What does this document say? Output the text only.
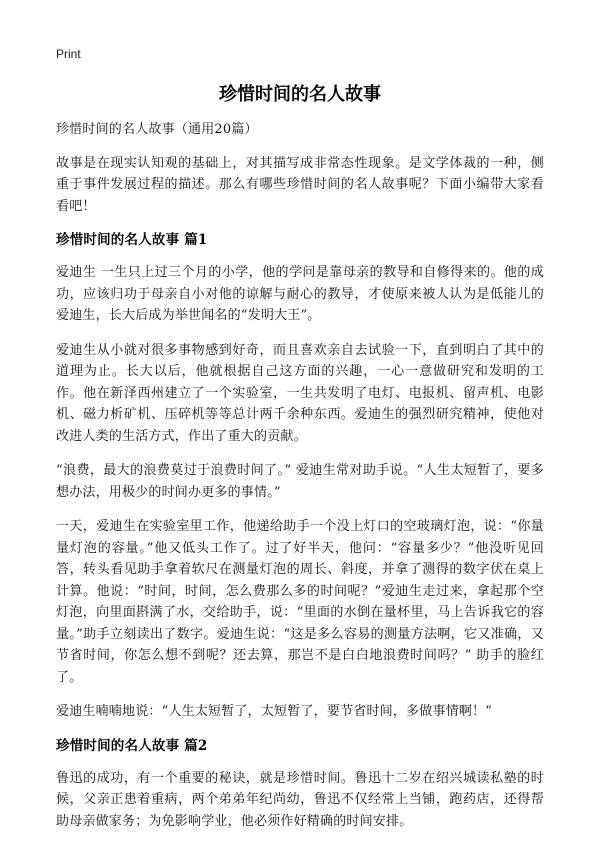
Print
珍惜时间的名人故事

珍惜时间的名人故事（通用20篇）

故事是在现实认知观的基础上，对其描写成非常态性现象。是文学体裁的一种，侧重于事件发展过程的描述。那么有哪些珍惜时间的名人故事呢？下面小编带大家看看吧！

珍惜时间的名人故事 篇1

爱迪生 一生只上过三个月的小学，他的学问是靠母亲的教导和自修得来的。他的成功，应该归功于母亲自小对他的谅解与耐心的教导，才使原来被人认为是低能儿的爱迪生，长大后成为举世闻名的“发明大王”。

爱迪生从小就对很多事物感到好奇，而且喜欢亲自去试验一下，直到明白了其中的道理为止。长大以后，他就根据自己这方面的兴趣，一心一意做研究和发明的工作。他在新泽西州建立了一个实验室，一生共发明了电灯、电报机、留声机、电影机、磁力析矿机、压碎机等等总计两千余种东西。爱迪生的强烈研究精神，使他对改进人类的生活方式，作出了重大的贡献。

“浪费，最大的浪费莫过于浪费时间了。” 爱迪生常对助手说。“人生太短暂了，要多想办法，用极少的时间办更多的事情。”

一天，爱迪生在实验室里工作，他递给助手一个没上灯口的空玻璃灯泡，说：“你量量灯泡的容量。”他又低头工作了。过了好半天，他问：“容量多少？”他没听见回答，转头看见助手拿着软尺在测量灯泡的周长、斜度，并拿了测得的数字伏在桌上计算。他说：“时间，时间，怎么费那么多的时间呢？”爱迪生走过来，拿起那个空灯泡，向里面斟满了水，交给助手，说：“里面的水倒在量杯里，马上告诉我它的容量。”助手立刻读出了数字。爱迪生说：“这是多么容易的测量方法啊，它又准确，又节省时间，你怎么想不到呢？还去算，那岂不是白白地浪费时间吗？” 助手的脸红了。

爱迪生喃喃地说：“人生太短暂了，太短暂了，要节省时间，多做事情啊！”

珍惜时间的名人故事 篇2

鲁迅的成功，有一个重要的秘诀，就是珍惜时间。鲁迅十二岁在绍兴城读私塾的时候，父亲正患着重病，两个弟弟年纪尚幼，鲁迅不仅经常上当铺，跑药店，还得帮助母亲做家务；为免影响学业，他必须作好精确的时间安排。
